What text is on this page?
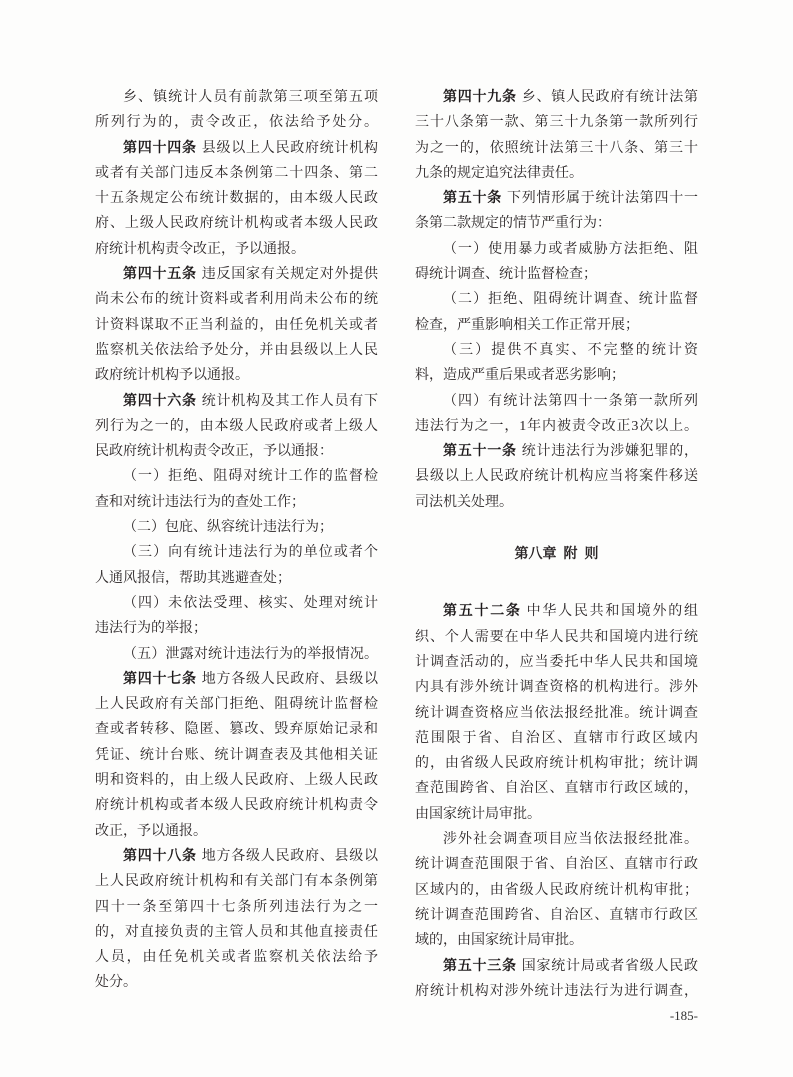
乡、镇统计人员有前款第三项至第五项
所列行为的，责令改正，依法给予处分。
第四十四条 县级以上人民政府统计机构
或者有关部门违反本条例第二十四条、第二
十五条规定公布统计数据的，由本级人民政
府、上级人民政府统计机构或者本级人民政
府统计机构责令改正，予以通报。
第四十五条 违反国家有关规定对外提供
尚未公布的统计资料或者利用尚未公布的统
计资料谋取不正当利益的，由任免机关或者
监察机关依法给予处分，并由县级以上人民
政府统计机构予以通报。
第四十六条 统计机构及其工作人员有下
列行为之一的，由本级人民政府或者上级人
民政府统计机构责令改正，予以通报：
（一）拒绝、阻碍对统计工作的监督检
查和对统计违法行为的查处工作；
（二）包庇、纵容统计违法行为；
（三）向有统计违法行为的单位或者个
人通风报信，帮助其逃避查处；
（四）未依法受理、核实、处理对统计
违法行为的举报；
（五）泄露对统计违法行为的举报情况。
第四十七条 地方各级人民政府、县级以
上人民政府有关部门拒绝、阻碍统计监督检
查或者转移、隐匿、篡改、毁弃原始记录和
凭证、统计台账、统计调查表及其他相关证
明和资料的，由上级人民政府、上级人民政
府统计机构或者本级人民政府统计机构责令
改正，予以通报。
第四十八条 地方各级人民政府、县级以
上人民政府统计机构和有关部门有本条例第
四十一条至第四十七条所列违法行为之一
的，对直接负责的主管人员和其他直接责任
人员，由任免机关或者监察机关依法给予
处分。
第四十九条 乡、镇人民政府有统计法第
三十八条第一款、第三十九条第一款所列行
为之一的，依照统计法第三十八条、第三十
九条的规定追究法律责任。
第五十条 下列情形属于统计法第四十一
条第二款规定的情节严重行为：
（一）使用暴力或者威胁方法拒绝、阻
碍统计调查、统计监督检查；
（二）拒绝、阻碍统计调查、统计监督
检查，严重影响相关工作正常开展；
（三）提供不真实、不完整的统计资
料，造成严重后果或者恶劣影响；
（四）有统计法第四十一条第一款所列
违法行为之一，1年内被责令改正3次以上。
第五十一条 统计违法行为涉嫌犯罪的，
县级以上人民政府统计机构应当将案件移送
司法机关处理。
第八章  附  则
第五十二条 中华人民共和国境外的组
织、个人需要在中华人民共和国境内进行统
计调查活动的，应当委托中华人民共和国境
内具有涉外统计调查资格的机构进行。涉外
统计调查资格应当依法报经批准。统计调查
范围限于省、自治区、直辖市行政区域内
的，由省级人民政府统计机构审批；统计调
查范围跨省、自治区、直辖市行政区域的，
由国家统计局审批。
涉外社会调查项目应当依法报经批准。
统计调查范围限于省、自治区、直辖市行政
区域内的，由省级人民政府统计机构审批；
统计调查范围跨省、自治区、直辖市行政区
域的，由国家统计局审批。
第五十三条 国家统计局或者省级人民政
府统计机构对涉外统计违法行为进行调查，
-185-
